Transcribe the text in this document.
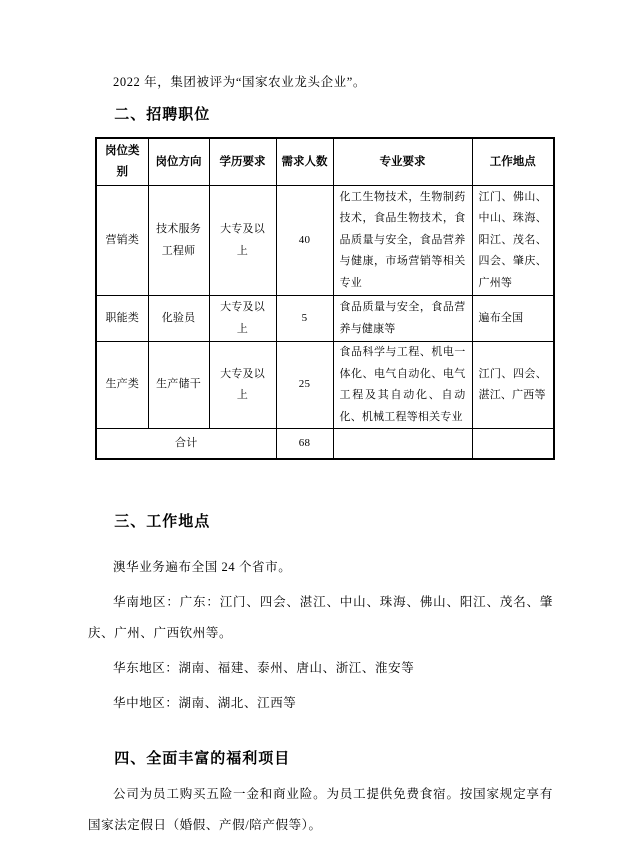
2022 年，集团被评为“国家农业龙头企业”。

二、招聘职位
岗位类别	岗位方向	学历要求	需求人数	专业要求	工作地点
营销类	技术服务工程师	大专及以上	40	化工生物技术，生物制药技术，食品生物技术，食品质量与安全，食品营养与健康，市场营销等相关专业	江门、佛山、中山、珠海、阳江、茂名、四会、肇庆、广州等
职能类	化验员	大专及以上	5	食品质量与安全，食品营养与健康等	遍布全国
生产类	生产储干	大专及以上	25	食品科学与工程、机电一体化、电气自动化、电气工程及其自动化、自动化、机械工程等相关专业	江门、四会、湛江、广西等
合计			68		
三、工作地点

澳华业务遍布全国 24 个省市。

华南地区：广东：江门、四会、湛江、中山、珠海、佛山、阳江、茂名、肇庆、广州、广西钦州等。

华东地区：湖南、福建、泰州、唐山、浙江、淮安等

华中地区：湖南、湖北、江西等

四、全面丰富的福利项目

公司为员工购买五险一金和商业险。为员工提供免费食宿。按国家规定享有国家法定假日（婚假、产假/陪产假等）。
